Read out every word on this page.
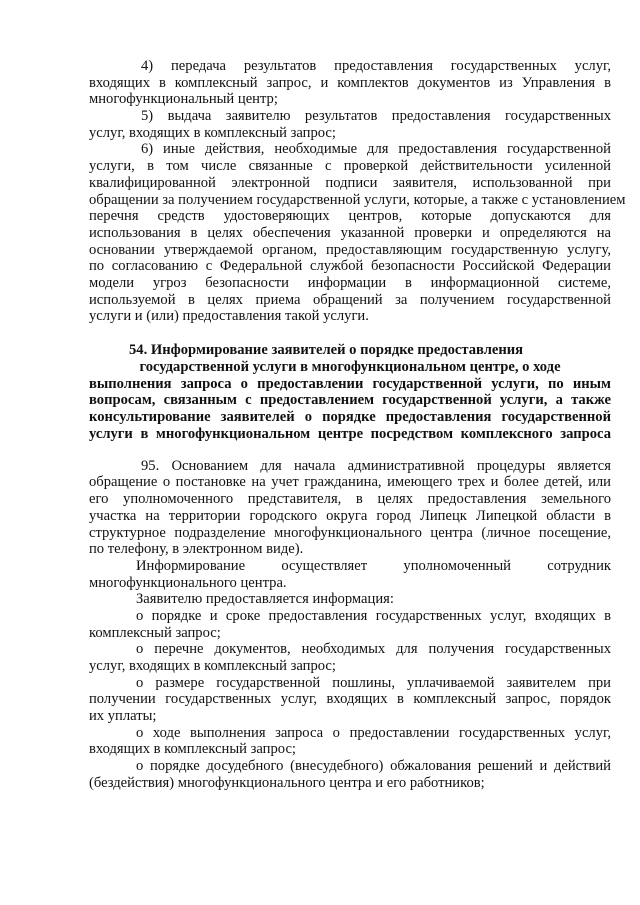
4) передача результатов предоставления государственных услуг,

входящих в комплексный запрос, и комплектов документов из Управления в

многофункциональный центр;

5) выдача заявителю результатов предоставления государственных

услуг, входящих в комплексный запрос;

6) иные действия, необходимые для предоставления государственной

услуги, в том числе связанные с проверкой действительности усиленной

квалифицированной электронной подписи заявителя, использованной при

обращении за получением государственной услуги, которые, а также с установлением

перечня средств удостоверяющих центров, которые допускаются для

использования в целях обеспечения указанной проверки и определяются на

основании утверждаемой органом, предоставляющим государственную услугу,

по согласованию с Федеральной службой безопасности Российской Федерации

модели угроз безопасности информации в информационной системе,

используемой в целях приема обращений за получением государственной

услуги и (или) предоставления такой услуги.

54. Информирование заявителей о порядке предоставления

государственной услуги в многофункциональном центре, о ходе

выполнения запроса о предоставлении государственной услуги, по иным

вопросам, связанным с предоставлением государственной услуги, а также

консультирование заявителей о порядке предоставления государственной

услуги в многофункциональном центре посредством комплексного запроса

95. Основанием для начала административной процедуры является

обращение о постановке на учет гражданина, имеющего трех и более детей, или

его уполномоченного представителя, в целях предоставления земельного

участка на территории городского округа город Липецк Липецкой области в

структурное подразделение многофункционального центра (личное посещение,

по телефону, в электронном виде).

Информирование осуществляет уполномоченный сотрудник

многофункционального центра.

Заявителю предоставляется информация:

о порядке и сроке предоставления государственных услуг, входящих в

комплексный запрос;

о перечне документов, необходимых для получения государственных

услуг, входящих в комплексный запрос;

о размере государственной пошлины, уплачиваемой заявителем при

получении государственных услуг, входящих в комплексный запрос, порядок

их уплаты;

о ходе выполнения запроса о предоставлении государственных услуг,

входящих в комплексный запрос;

о порядке досудебного (внесудебного) обжалования решений и действий

(бездействия) многофункционального центра и его работников;
